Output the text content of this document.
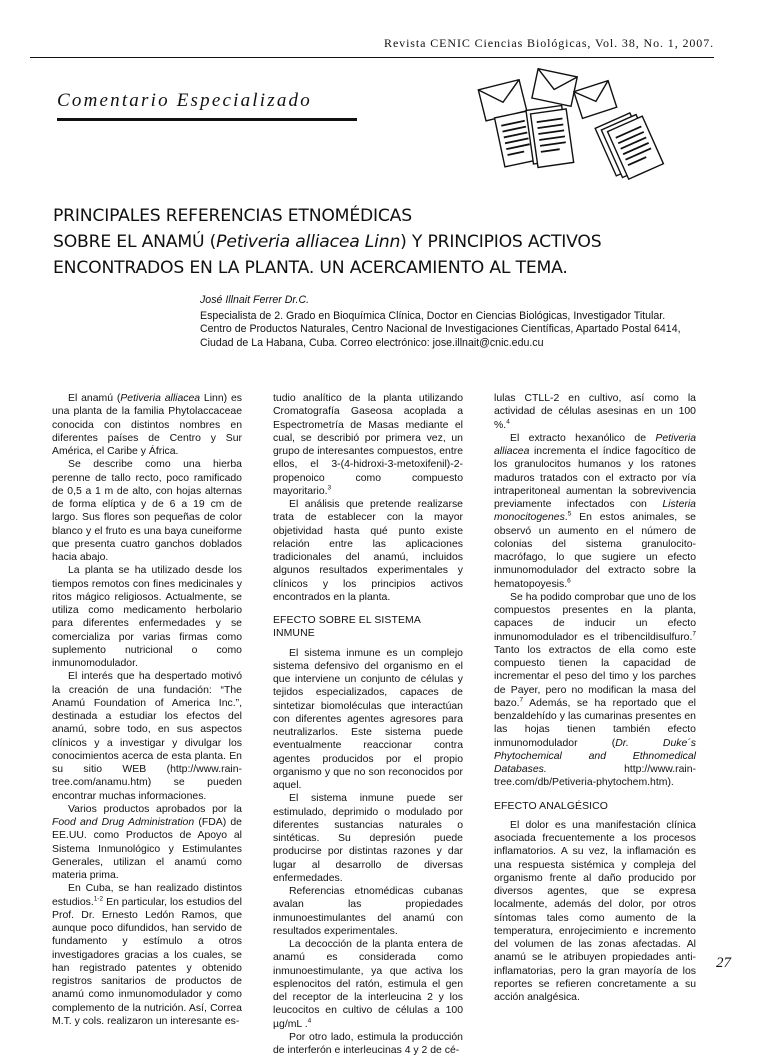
Revista CENIC Ciencias Biológicas, Vol. 38, No. 1, 2007.
Comentario Especializado
PRINCIPALES REFERENCIAS ETNOMÉDICAS
SOBRE EL ANAMÚ (Petiveria alliacea Linn) Y PRINCIPIOS ACTIVOS
ENCONTRADOS EN LA PLANTA. UN ACERCAMIENTO AL TEMA.
José Illnait Ferrer Dr.C.
Especialista de 2. Grado en Bioquímica Clínica, Doctor en Ciencias Biológicas, Investigador Titular.
Centro de Productos Naturales, Centro Nacional de Investigaciones Científicas, Apartado Postal 6414,
Ciudad de La Habana, Cuba. Correo electrónico: jose.illnait@cnic.edu.cu

El anamú (Petiveria alliacea Linn) es una planta de la familia Phytolaccaceae conocida con distintos nombres en diferentes países de Centro y Sur América, el Caribe y África.

Se describe como una hierba perenne de tallo recto, poco ramificado de 0,5 a 1 m de alto, con hojas alternas de forma elíptica y de 6 a 19 cm de largo. Sus flores son pequeñas de color blanco y el fruto es una baya cuneiforme que presenta cuatro ganchos doblados hacia abajo.

La planta se ha utilizado desde los tiempos remotos con fines medicinales y ritos mágico religiosos. Actualmente, se utiliza como medicamento herbolario para diferentes enfermedades y se comercializa por varias firmas como suplemento nutricional o como inmunomodulador.

El interés que ha despertado motivó la creación de una fundación: “The Anamú Foundation of America Inc.”, destinada a estudiar los efectos del anamú, sobre todo, en sus aspectos clínicos y a investigar y divulgar los conocimientos acerca de esta planta. En su sitio WEB (http://www.rain-tree.com/anamu.htm) se pueden encontrar muchas informaciones.

Varios productos aprobados por la Food and Drug Administration (FDA) de EE.UU. como Productos de Apoyo al Sistema Inmunológico y Estimulantes Generales, utilizan el anamú como materia prima.

En Cuba, se han realizado distintos estudios.$^{1-2}$ En particular, los estudios del Prof. Dr. Ernesto Ledón Ramos, que aunque poco difundidos, han servido de fundamento y estímulo a otros investigadores gracias a los cuales, se han registrado patentes y obtenido registros sanitarios de productos de anamú como inmunomodulador y como complemento de la nutrición. Así, Correa M.T. y cols. realizaron un interesante es-

tudio analítico de la planta utilizando Cromatografía Gaseosa acoplada a Espectrometría de Masas mediante el cual, se describió por primera vez, un grupo de interesantes compuestos, entre ellos, el 3-(4-hidroxi-3-metoxifenil)-2-propenoico como compuesto mayoritario.$^3$

El análisis que pretende realizarse trata de establecer con la mayor objetividad hasta qué punto existe relación entre las aplicaciones tradicionales del anamú, incluidos algunos resultados experimentales y clínicos y los principios activos encontrados en la planta.

EFECTO SOBRE EL SISTEMA INMUNE

El sistema inmune es un complejo sistema defensivo del organismo en el que interviene un conjunto de células y tejidos especializados, capaces de sintetizar biomoléculas que interactúan con diferentes agentes agresores para neutralizarlos. Este sistema puede eventualmente reaccionar contra agentes producidos por el propio organismo y que no son reconocidos por aquel.

El sistema inmune puede ser estimulado, deprimido o modulado por diferentes sustancias naturales o sintéticas. Su depresión puede producirse por distintas razones y dar lugar al desarrollo de diversas enfermedades.

Referencias etnomédicas cubanas avalan las propiedades inmunoestimulantes del anamú con resultados experimentales.

La decocción de la planta entera de anamú es considerada como inmunoestimulante, ya que activa los esplenocitos del ratón, estimula el gen del receptor de la interleucina 2 y los leucocitos en cultivo de células a 100 µg/mL .$^4$

Por otro lado, estimula la producción de interferón e interleucinas 4 y 2 de cé-

lulas CTLL-2 en cultivo, así como la actividad de células asesinas en un 100 %.$^4$

El extracto hexanólico de Petiveria alliacea incrementa el índice fagocítico de los granulocitos humanos y los ratones maduros tratados con el extracto por vía intraperitoneal aumentan la sobrevivencia previamente infectados con Listeria monocitogenes.$^5$ En estos animales, se observó un aumento en el número de colonias del sistema granulocito-macrófago, lo que sugiere un efecto inmunomodulador del extracto sobre la hematopoyesis.$^6$

Se ha podido comprobar que uno de los compuestos presentes en la planta, capaces de inducir un efecto inmunomodulador es el tribencildisulfuro.$^7$ Tanto los extractos de ella como este compuesto tienen la capacidad de incrementar el peso del timo y los parches de Payer, pero no modifican la masa del bazo.$^7$ Además, se ha reportado que el benzaldehído y las cumarinas presentes en las hojas tienen también efecto inmunomodulador (Dr. Duke´s Phytochemical and Ethnomedical Databases. http://www.rain-tree.com/db/Petiveria-phytochem.htm).

EFECTO ANALGÉSICO

El dolor es una manifestación clínica asociada frecuentemente a los procesos inflamatorios. A su vez, la inflamación es una respuesta sistémica y compleja del organismo frente al daño producido por diversos agentes, que se expresa localmente, además del dolor, por otros síntomas tales como aumento de la temperatura, enrojecimiento e incremento del volumen de las zonas afectadas. Al anamú se le atribuyen propiedades anti-inflamatorias, pero la gran mayoría de los reportes se refieren concretamente a su acción analgésica.

27
